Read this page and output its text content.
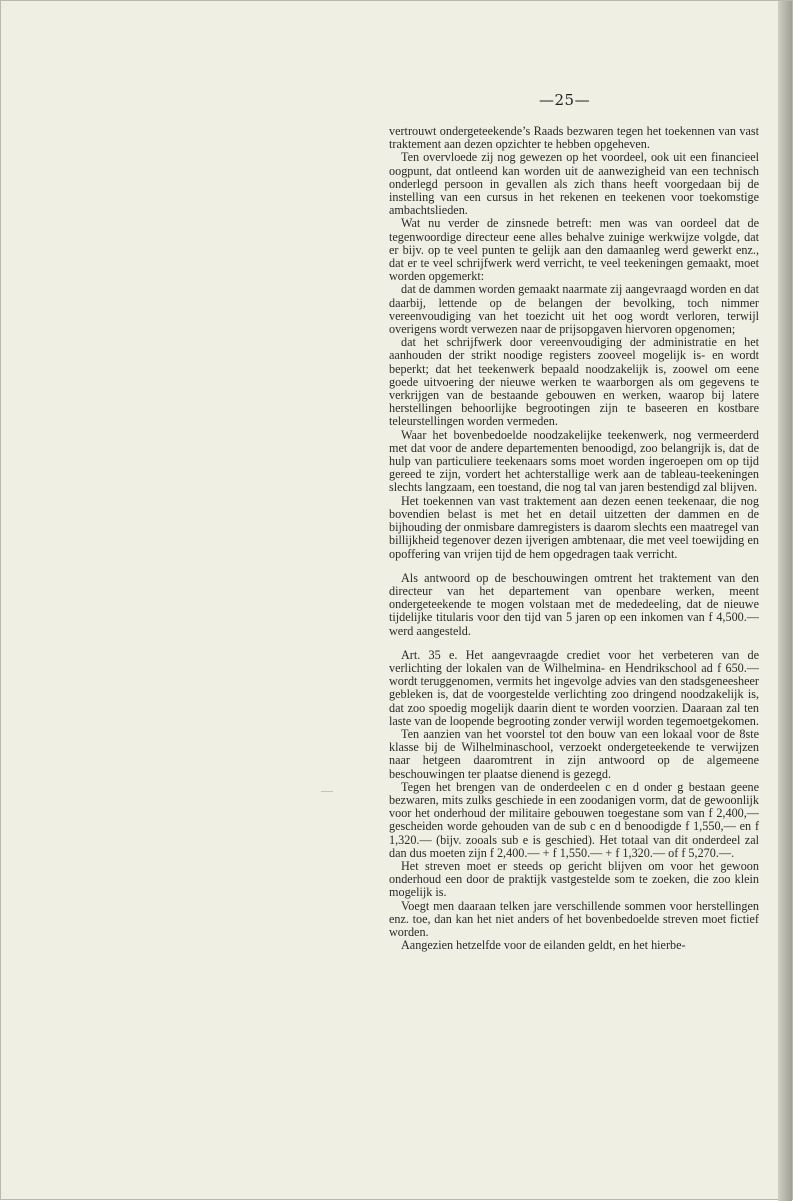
—25—

vertrouwt ondergeteekende’s Raads bezwaren tegen het toekennen van vast traktement aan dezen opzichter te hebben opgeheven.

Ten overvloede zij nog gewezen op het voordeel, ook uit een financieel oogpunt, dat ontleend kan worden uit de aanwezigheid van een technisch onderlegd persoon in gevallen als zich thans heeft voorgedaan bij de instelling van een cursus in het rekenen en teekenen voor toekomstige ambachtslieden.

Wat nu verder de zinsnede betreft: men was van oordeel dat de tegenwoordige directeur eene alles behalve zuinige werkwijze volgde, dat er bijv. op te veel punten te gelijk aan den damaanleg werd gewerkt enz., dat er te veel schrijfwerk werd verricht, te veel teekeningen gemaakt, moet worden opgemerkt:

dat de dammen worden gemaakt naarmate zij aangevraagd worden en dat daarbij, lettende op de belangen der bevolking, toch nimmer vereenvoudiging van het toezicht uit het oog wordt verloren, terwijl overigens wordt verwezen naar de prijsopgaven hiervoren opgenomen;

dat het schrijfwerk door vereenvoudiging der administratie en het aanhouden der strikt noodige registers zooveel mogelijk is- en wordt beperkt; dat het teekenwerk bepaald noodzakelijk is, zoowel om eene goede uitvoering der nieuwe werken te waarborgen als om gegevens te verkrijgen van de bestaande gebouwen en werken, waarop bij latere herstellingen behoorlijke begrootingen zijn te baseeren en kostbare teleurstellingen worden vermeden.

Waar het bovenbedoelde noodzakelijke teekenwerk, nog vermeerderd met dat voor de andere departementen benoodigd, zoo belangrijk is, dat de hulp van particuliere teekenaars soms moet worden ingeroepen om op tijd gereed te zijn, vordert het achterstallige werk aan de tableau-teekeningen slechts langzaam, een toestand, die nog tal van jaren bestendigd zal blijven.

Het toekennen van vast traktement aan dezen eenen teekenaar, die nog bovendien belast is met het en detail uitzetten der dammen en de bijhouding der onmisbare damregisters is daarom slechts een maatregel van billijkheid tegenover dezen ijverigen ambtenaar, die met veel toewijding en opoffering van vrijen tijd de hem opgedragen taak verricht.

Als antwoord op de beschouwingen omtrent het traktement van den directeur van het departement van openbare werken, meent ondergeteekende te mogen volstaan met de mededeeling, dat de nieuwe tijdelijke titularis voor den tijd van 5 jaren op een inkomen van f 4,500.— werd aangesteld.

Art. 35 e. Het aangevraagde crediet voor het verbeteren van de verlichting der lokalen van de Wilhelmina- en Hendrikschool ad f 650.— wordt teruggenomen, vermits het ingevolge advies van den stadsgeneesheer gebleken is, dat de voorgestelde verlichting zoo dringend noodzakelijk is, dat zoo spoedig mogelijk daarin dient te worden voorzien. Daaraan zal ten laste van de loopende begrooting zonder verwijl worden tegemoetgekomen.

Ten aanzien van het voorstel tot den bouw van een lokaal voor de 8ste klasse bij de Wilhelminaschool, verzoekt ondergeteekende te verwijzen naar hetgeen daaromtrent in zijn antwoord op de algemeene beschouwingen ter plaatse dienend is gezegd.

Tegen het brengen van de onderdeelen c en d onder g bestaan geene bezwaren, mits zulks geschiede in een zoodanigen vorm, dat de gewoonlijk voor het onderhoud der militaire gebouwen toegestane som van f 2,400,— gescheiden worde gehouden van de sub c en d benoodigde f 1,550,— en f 1,320.— (bijv. zooals sub e is geschied). Het totaal van dit onderdeel zal dan dus moeten zijn f 2,400.— + f 1,550.— + f 1,320.— of f 5,270.—.

Het streven moet er steeds op gericht blijven om voor het gewoon onderhoud een door de praktijk vastgestelde som te zoeken, die zoo klein mogelijk is.

Voegt men daaraan telken jare verschillende sommen voor herstellingen enz. toe, dan kan het niet anders of het bovenbedoelde streven moet fictief worden.

Aangezien hetzelfde voor de eilanden geldt, en het hierbe-
